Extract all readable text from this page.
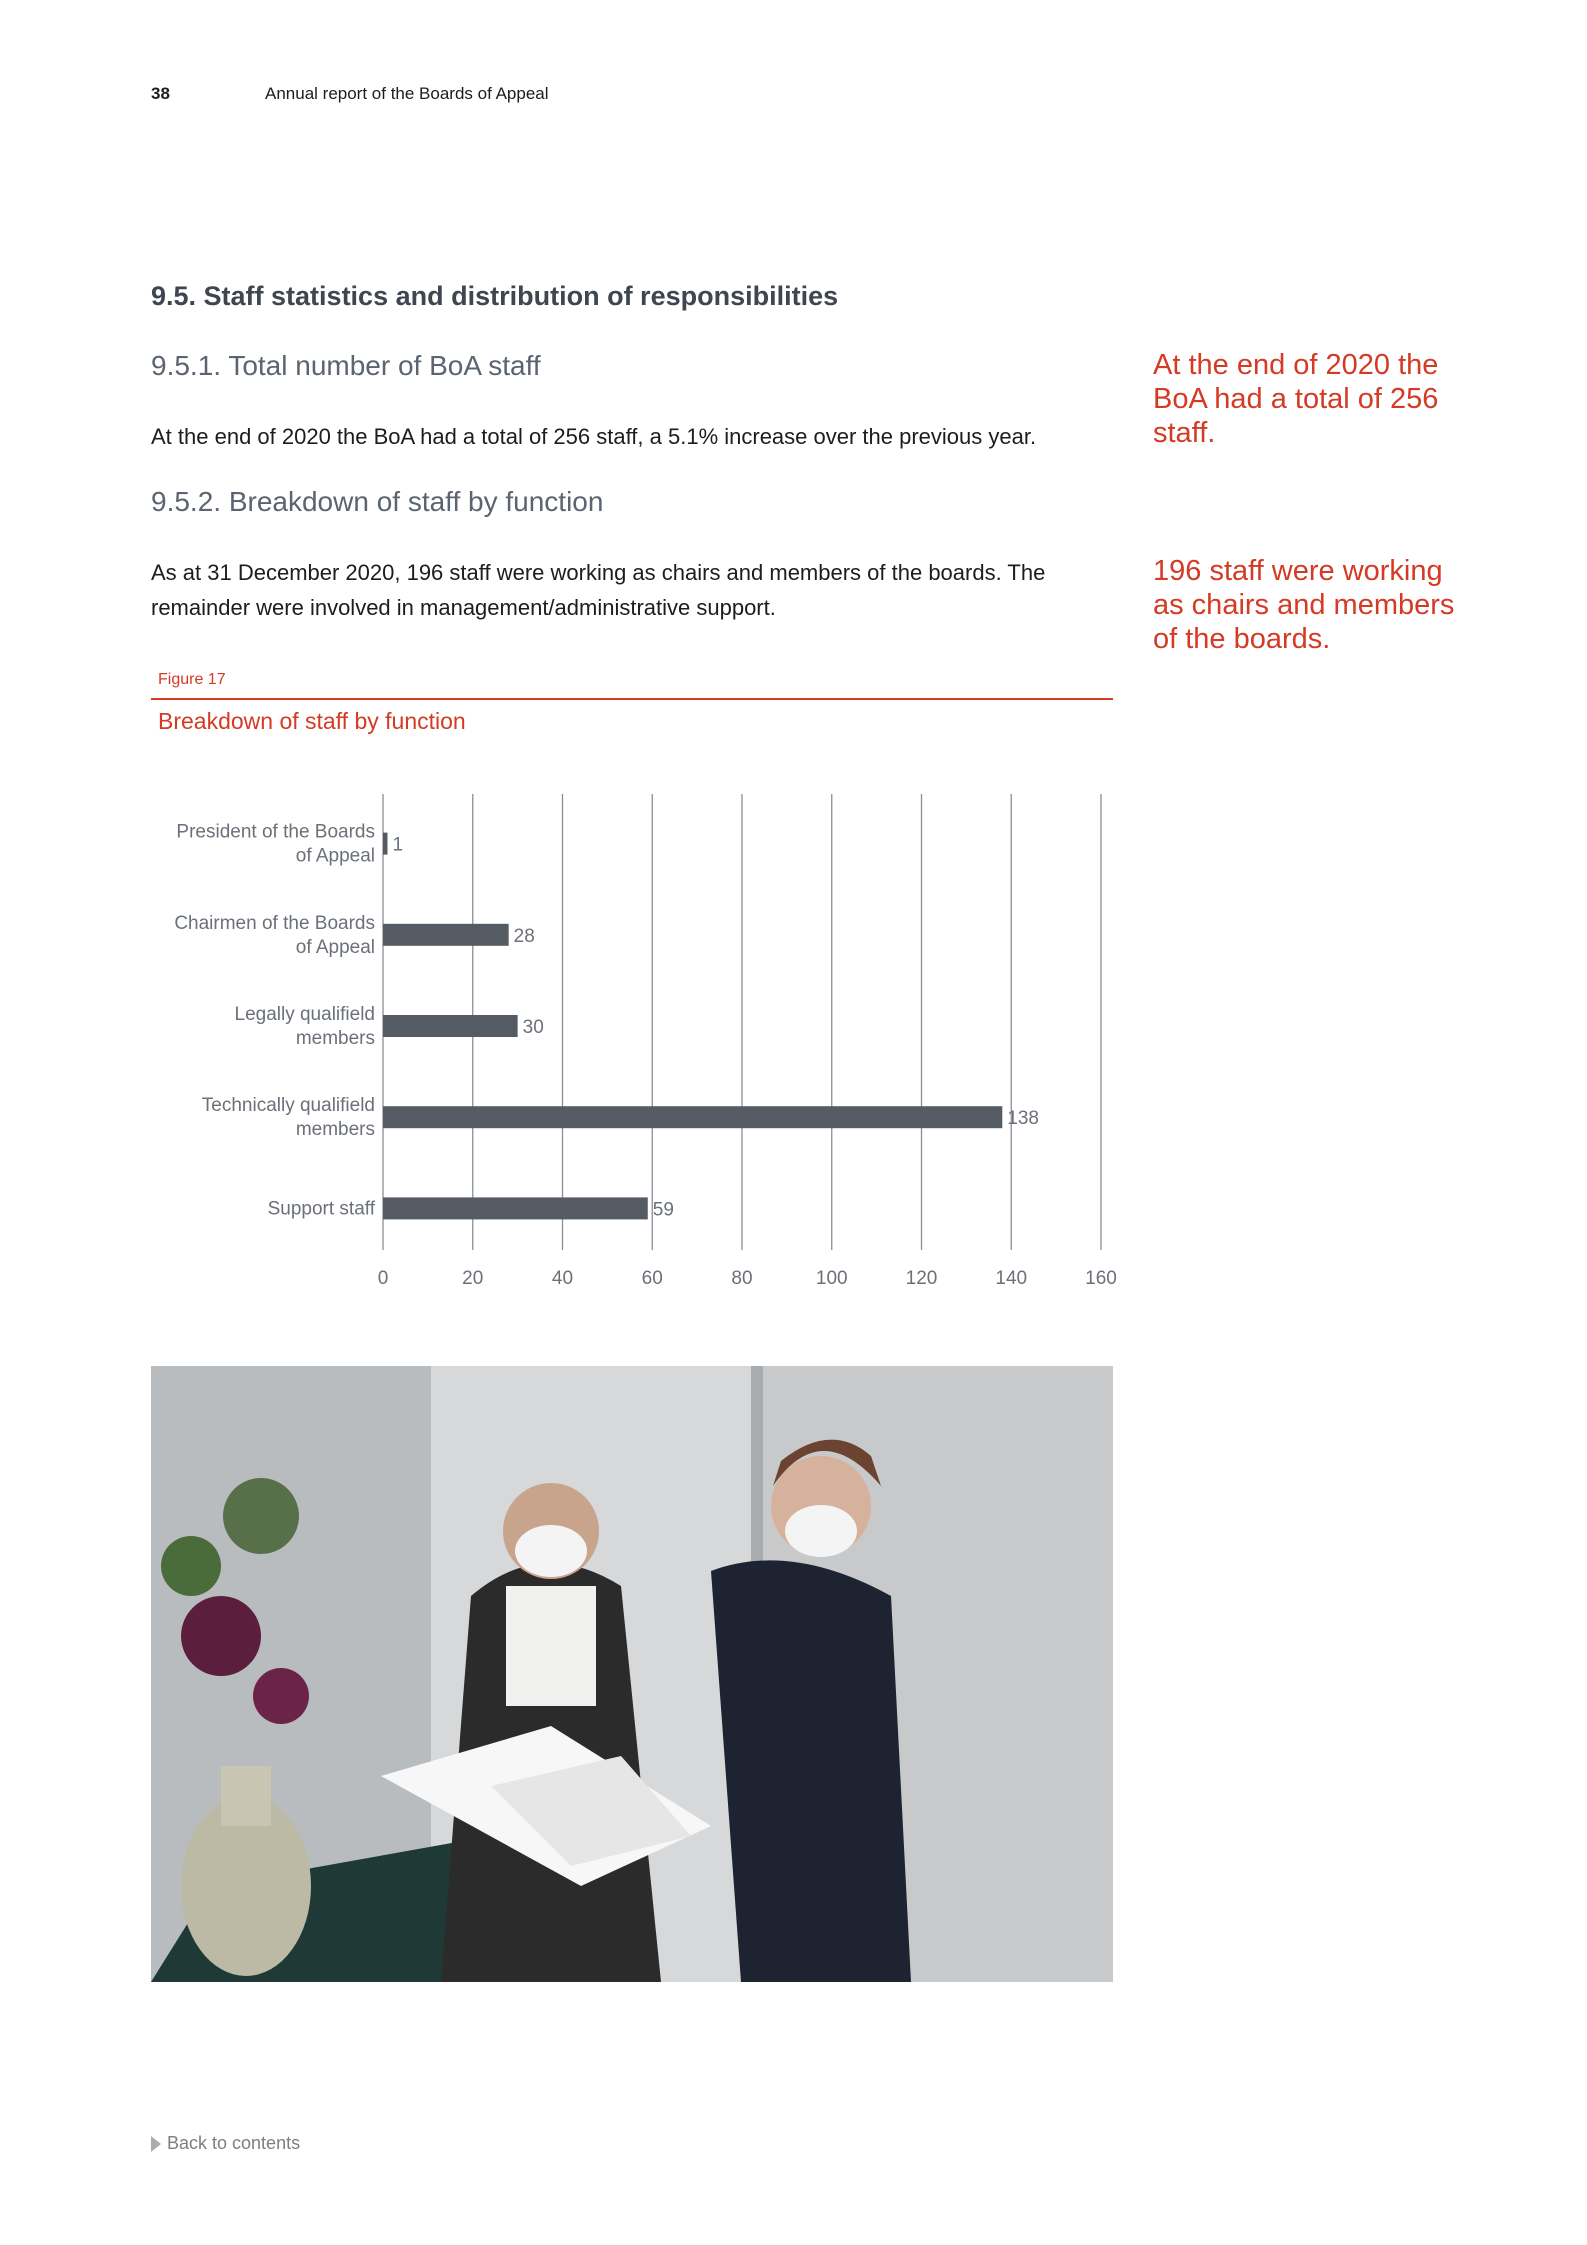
38	Annual report of the Boards of Appeal
9.5. Staff statistics and distribution of responsibilities
9.5.1. Total number of BoA staff
At the end of 2020 the BoA had a total of 256 staff, a 5.1% increase over the previous year.
9.5.2. Breakdown of staff by function
As at 31 December 2020, 196 staff were working as chairs and members of the boards. The remainder were involved in management/administrative support.
At the end of 2020 the BoA had a total of 256 staff.
196 staff were working as chairs and members of the boards.
Figure 17
Breakdown of staff by function
0	20	40	60	80	100	120	140	160
1
President of the Boards of Appeal
28
Chairmen of the Boards of Appeal
30
Legally qualifield members
138
Technically qualifield members
59
Support staff
Back to contents
